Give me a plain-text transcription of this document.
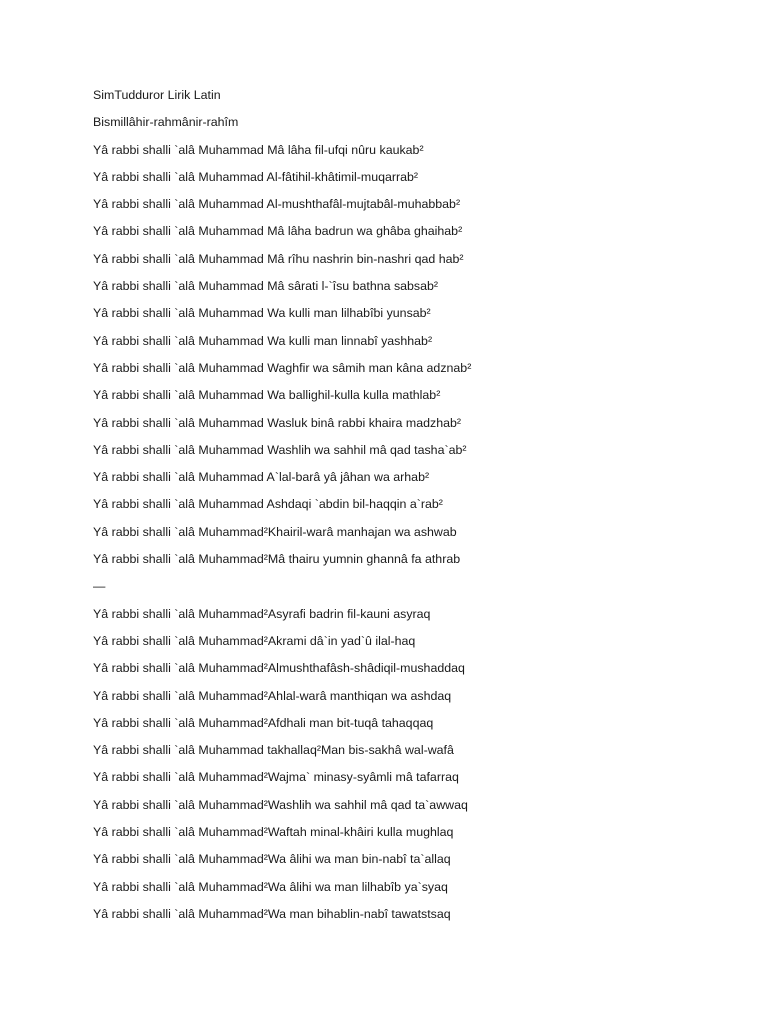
SimTudduror Lirik Latin
Bismillâhir-rahmânir-rahîm
Yâ rabbi shalli `alâ Muhammad Mâ lâha fil-ufqi nûru kaukab²
Yâ rabbi shalli `alâ Muhammad Al-fâtihil-khâtimil-muqarrab²
Yâ rabbi shalli `alâ Muhammad Al-mushthafâl-mujtabâl-muhabbab²
Yâ rabbi shalli `alâ Muhammad Mâ lâha badrun wa ghâba ghaihab²
Yâ rabbi shalli `alâ Muhammad Mâ rîhu nashrin bin-nashri qad hab²
Yâ rabbi shalli `alâ Muhammad Mâ sârati l-`îsu bathna sabsab²
Yâ rabbi shalli `alâ Muhammad Wa kulli man lilhabîbi yunsab²
Yâ rabbi shalli `alâ Muhammad Wa kulli man linnabî yashhab²
Yâ rabbi shalli `alâ Muhammad Waghfir wa sâmih man kâna adznab²
Yâ rabbi shalli `alâ Muhammad Wa ballighil-kulla kulla mathlab²
Yâ rabbi shalli `alâ Muhammad Wasluk binâ rabbi khaira madzhab²
Yâ rabbi shalli `alâ Muhammad Washlih wa sahhil mâ qad tasha`ab²
Yâ rabbi shalli `alâ Muhammad A`lal-barâ yâ jâhan wa arhab²
Yâ rabbi shalli `alâ Muhammad Ashdaqi `abdin bil-haqqin a`rab²
Yâ rabbi shalli `alâ Muhammad²Khairil-warâ manhajan wa ashwab
Yâ rabbi shalli `alâ Muhammad²Mâ thairu yumnin ghannâ fa athrab
—
Yâ rabbi shalli `alâ Muhammad²Asyrafi badrin fil-kauni asyraq
Yâ rabbi shalli `alâ Muhammad²Akrami dâ`in yad`û ilal-haq
Yâ rabbi shalli `alâ Muhammad²Almushthafâsh-shâdiqil-mushaddaq
Yâ rabbi shalli `alâ Muhammad²Ahlal-warâ manthiqan wa ashdaq
Yâ rabbi shalli `alâ Muhammad²Afdhali man bit-tuqâ tahaqqaq
Yâ rabbi shalli `alâ Muhammad takhallaq²Man bis-sakhâ wal-wafâ
Yâ rabbi shalli `alâ Muhammad²Wajma` minasy-syâmli mâ tafarraq
Yâ rabbi shalli `alâ Muhammad²Washlih wa sahhil mâ qad ta`awwaq
Yâ rabbi shalli `alâ Muhammad²Waftah minal-khâiri kulla mughlaq
Yâ rabbi shalli `alâ Muhammad²Wa âlihi wa man bin-nabî ta`allaq
Yâ rabbi shalli `alâ Muhammad²Wa âlihi wa man lilhabîb ya`syaq
Yâ rabbi shalli `alâ Muhammad²Wa man bihablin-nabî tawatstsaq
